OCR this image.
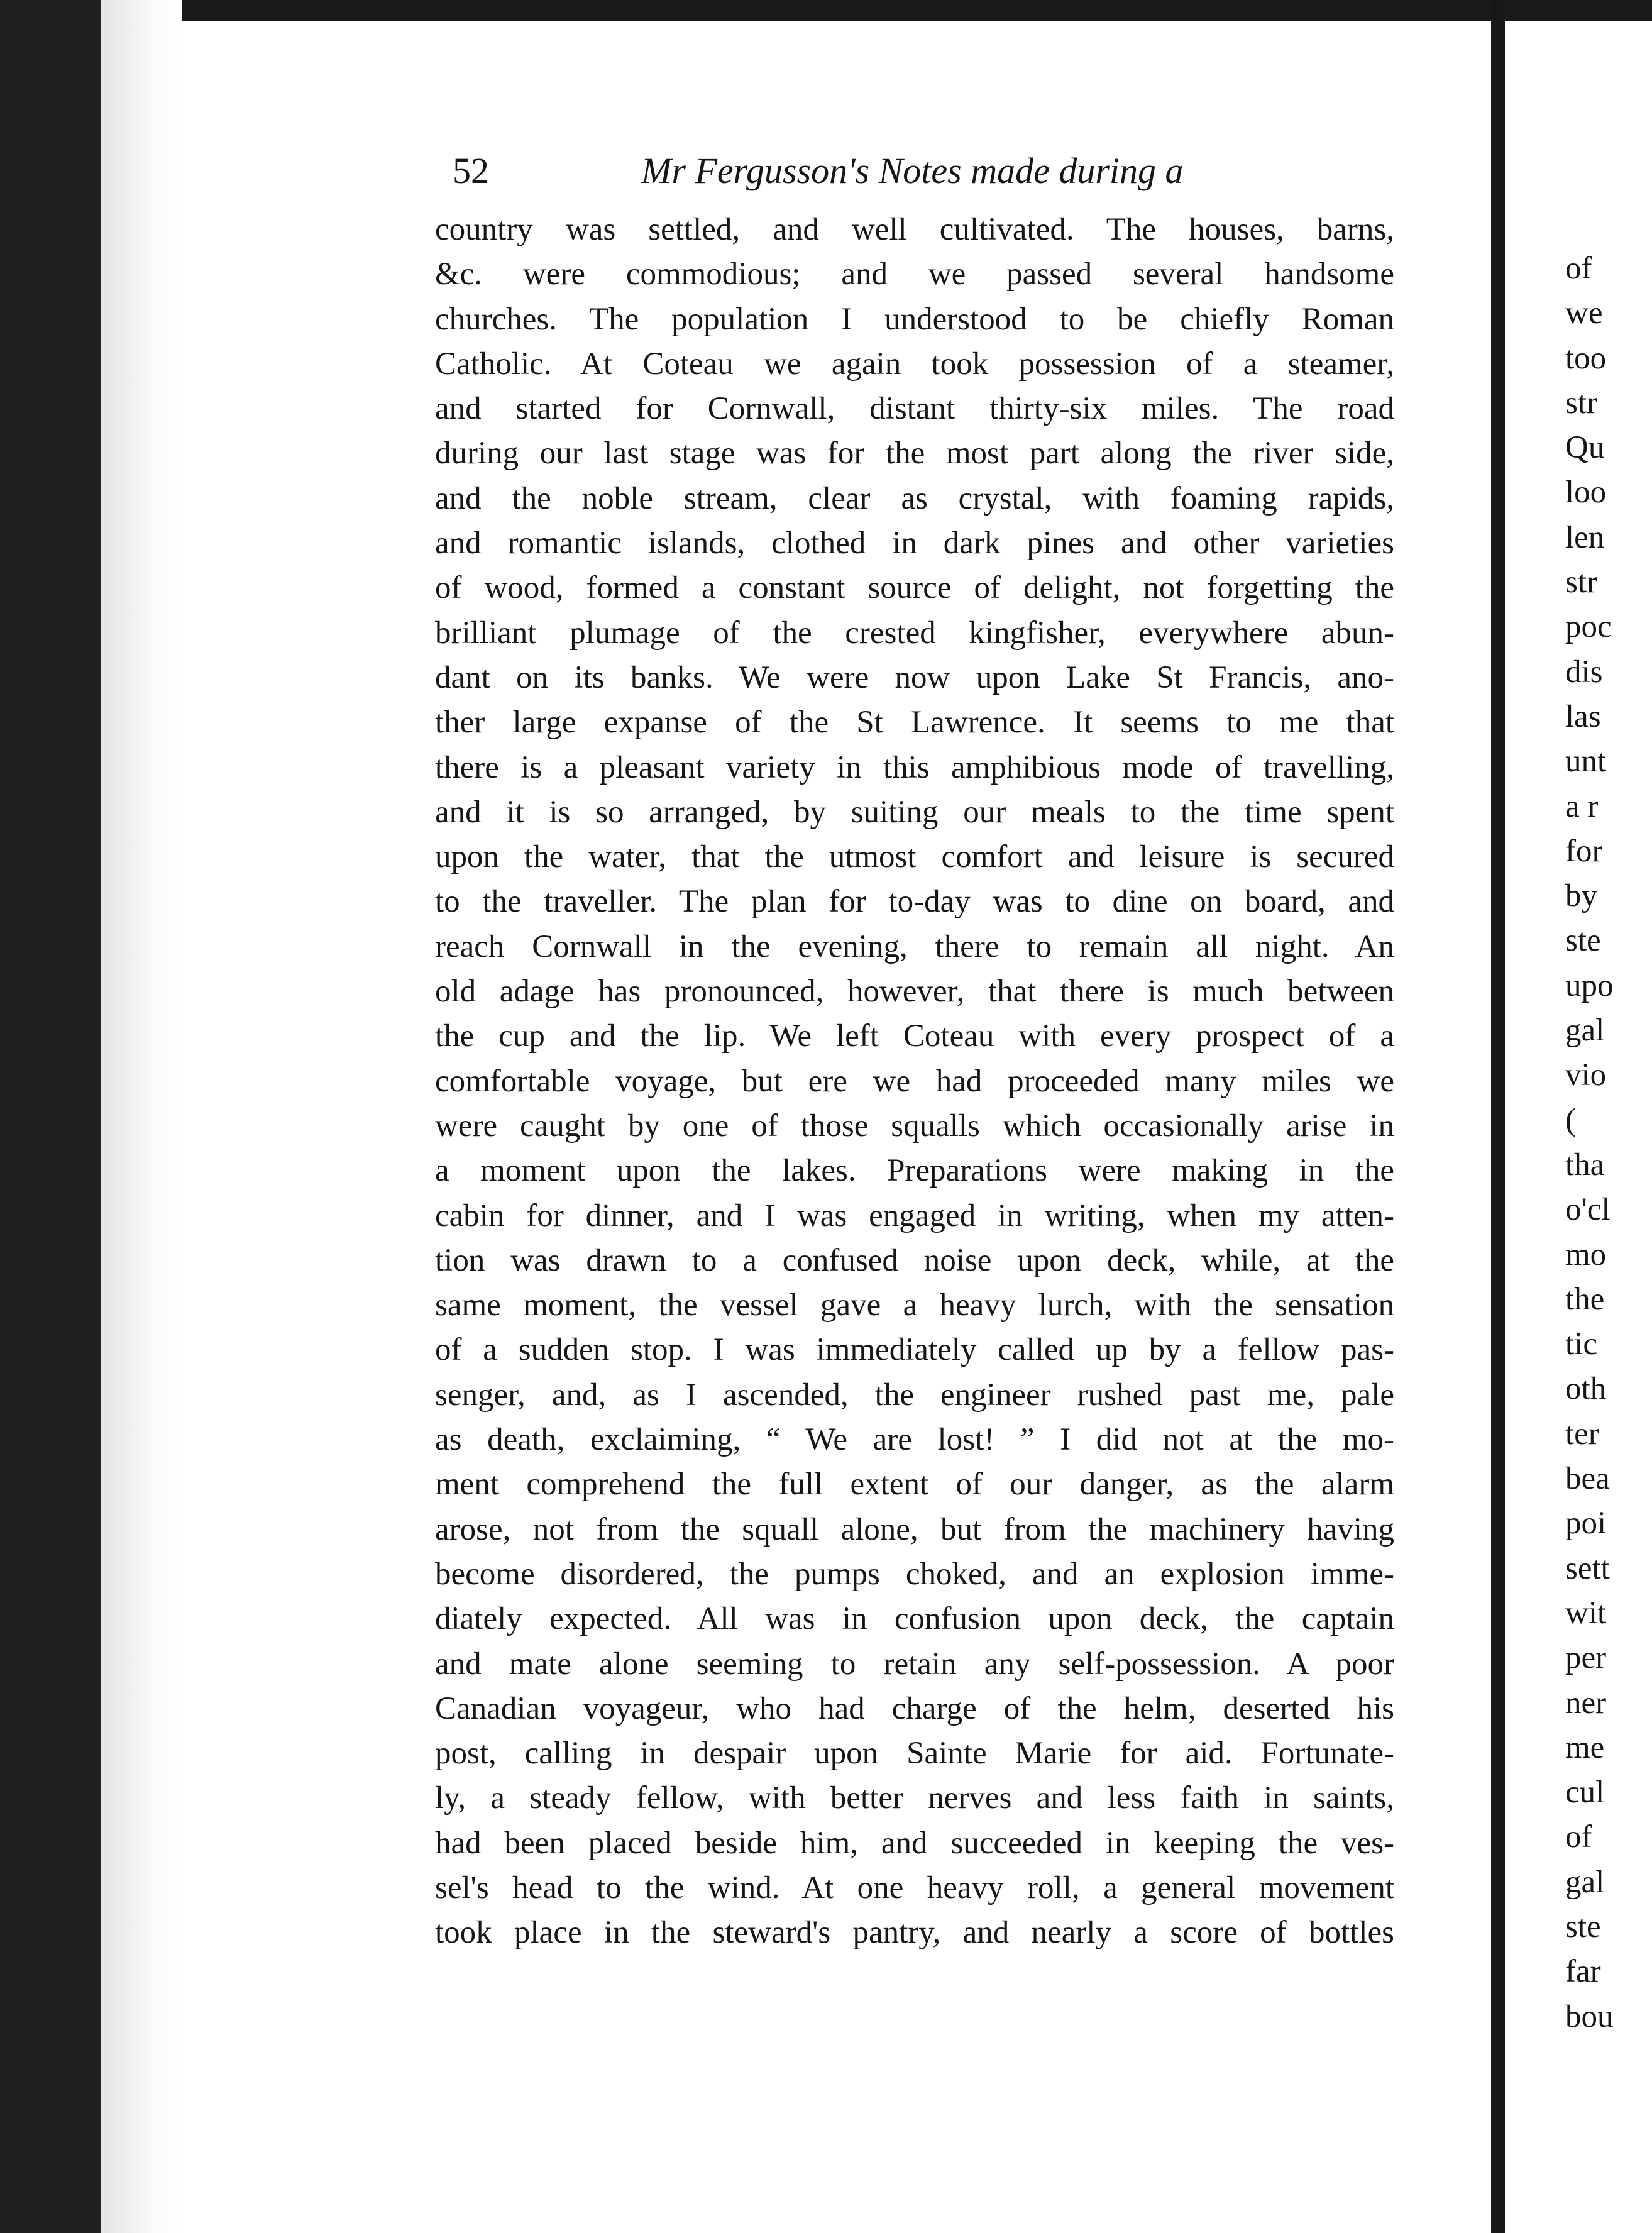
52	Mr Fergusson's Notes made during a
country was settled, and well cultivated. The houses, barns,
&c. were commodious; and we passed several handsome
churches. The population I understood to be chiefly Roman
Catholic. At Coteau we again took possession of a steamer,
and started for Cornwall, distant thirty-six miles. The road
during our last stage was for the most part along the river side,
and the noble stream, clear as crystal, with foaming rapids,
and romantic islands, clothed in dark pines and other varieties
of wood, formed a constant source of delight, not forgetting the
brilliant plumage of the crested kingfisher, everywhere abun-
dant on its banks. We were now upon Lake St Francis, ano-
ther large expanse of the St Lawrence. It seems to me that
there is a pleasant variety in this amphibious mode of travelling,
and it is so arranged, by suiting our meals to the time spent
upon the water, that the utmost comfort and leisure is secured
to the traveller. The plan for to-day was to dine on board, and
reach Cornwall in the evening, there to remain all night. An
old adage has pronounced, however, that there is much between
the cup and the lip. We left Coteau with every prospect of a
comfortable voyage, but ere we had proceeded many miles we
were caught by one of those squalls which occasionally arise in
a moment upon the lakes. Preparations were making in the
cabin for dinner, and I was engaged in writing, when my atten-
tion was drawn to a confused noise upon deck, while, at the
same moment, the vessel gave a heavy lurch, with the sensation
of a sudden stop. I was immediately called up by a fellow pas-
senger, and, as I ascended, the engineer rushed past me, pale
as death, exclaiming, “ We are lost! ” I did not at the mo-
ment comprehend the full extent of our danger, as the alarm
arose, not from the squall alone, but from the machinery having
become disordered, the pumps choked, and an explosion imme-
diately expected. All was in confusion upon deck, the captain
and mate alone seeming to retain any self-possession. A poor
Canadian voyageur, who had charge of the helm, deserted his
post, calling in despair upon Sainte Marie for aid. Fortunate-
ly, a steady fellow, with better nerves and less faith in saints,
had been placed beside him, and succeeded in keeping the ves-
sel's head to the wind. At one heavy roll, a general movement
took place in the steward's pantry, and nearly a score of bottles
of
we
too
str
Qu
loo
len
str
poc
dis
las
unt
a r
for
by
ste
upo
gal
vio
(
tha
o'cl
mo
the
tic
oth
ter
bea
poi
sett
wit
per
ner
me
cul
of
gal
ste
far
bou
